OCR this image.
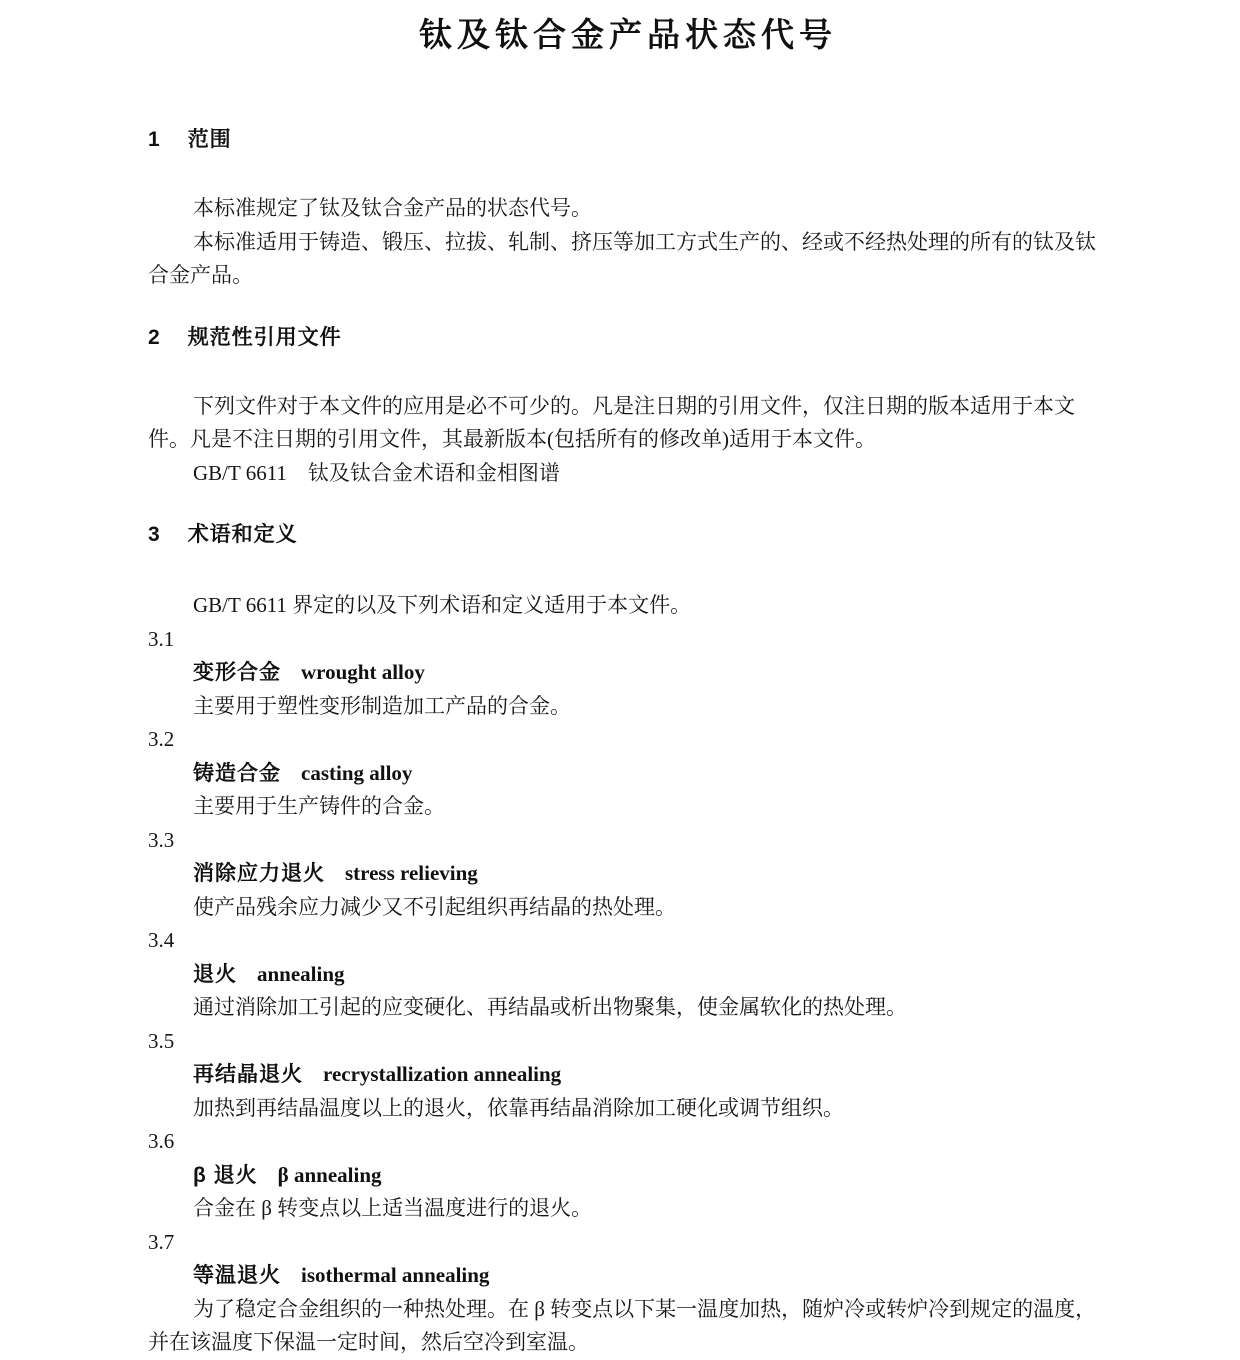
钛及钛合金产品状态代号
1 范围

本标准规定了钛及钛合金产品的状态代号。

本标准适用于铸造、锻压、拉拔、轧制、挤压等加工方式生产的、经或不经热处理的所有的钛及钛合金产品。

2 规范性引用文件

下列文件对于本文件的应用是必不可少的。凡是注日期的引用文件，仅注日期的版本适用于本文件。凡是不注日期的引用文件，其最新版本(包括所有的修改单)适用于本文件。

GB/T 6611　钛及钛合金术语和金相图谱

3 术语和定义

GB/T 6611 界定的以及下列术语和定义适用于本文件。

3.1
变形合金 wrought alloy
主要用于塑性变形制造加工产品的合金。
3.2
铸造合金 casting alloy
主要用于生产铸件的合金。
3.3
消除应力退火 stress relieving
使产品残余应力减少又不引起组织再结晶的热处理。
3.4
退火 annealing
通过消除加工引起的应变硬化、再结晶或析出物聚集，使金属软化的热处理。
3.5
再结晶退火 recrystallization annealing
加热到再结晶温度以上的退火，依靠再结晶消除加工硬化或调节组织。
3.6
β 退火 β annealing
合金在 β 转变点以上适当温度进行的退火。
3.7
等温退火 isothermal annealing
为了稳定合金组织的一种热处理。在 β 转变点以下某一温度加热，随炉冷或转炉冷到规定的温度，并在该温度下保温一定时间，然后空冷到室温。
